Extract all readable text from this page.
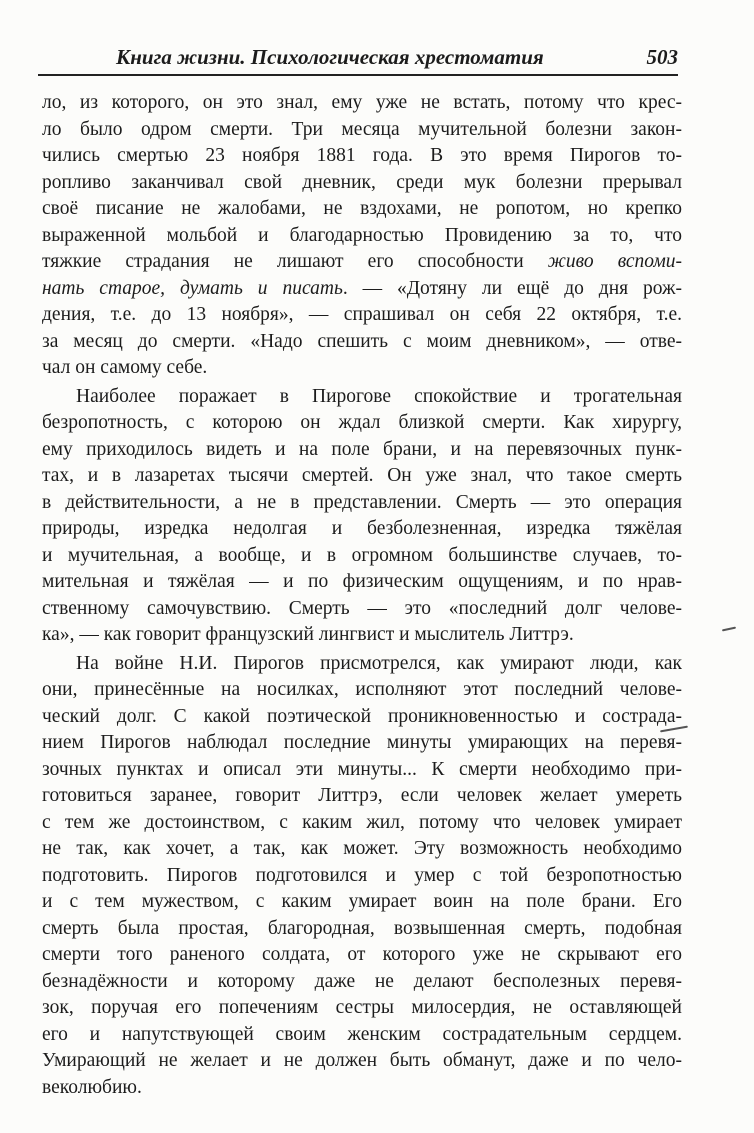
Книга жизни. Психологическая хрестоматия	503
ло, из которого, он это знал, ему уже не встать, потому что крес-
ло было одром смерти. Три месяца мучительной болезни закон-
чились смертью 23 ноября 1881 года. В это время Пирогов то-
ропливо заканчивал свой дневник, среди мук болезни прерывал
своё писание не жалобами, не вздохами, не ропотом, но крепко
выраженной мольбой и благодарностью Провидению за то, что
тяжкие страдания не лишают его способности живо вспоми-
нать старое, думать и писать. — «Дотяну ли ещё до дня рож-
дения, т.е. до 13 ноября», — спрашивал он себя 22 октября, т.е.
за месяц до смерти. «Надо спешить с моим дневником», — отве-
чал он самому себе.
Наиболее поражает в Пирогове спокойствие и трогательная
безропотность, с которою он ждал близкой смерти. Как хирургу,
ему приходилось видеть и на поле брани, и на перевязочных пунк-
тах, и в лазаретах тысячи смертей. Он уже знал, что такое смерть
в действительности, а не в представлении. Смерть — это операция
природы, изредка недолгая и безболезненная, изредка тяжёлая
и мучительная, а вообще, и в огромном большинстве случаев, то-
мительная и тяжёлая — и по физическим ощущениям, и по нрав-
ственному самочувствию. Смерть — это «последний долг челове-
ка», — как говорит французский лингвист и мыслитель Литтрэ.
На войне Н.И. Пирогов присмотрелся, как умирают люди, как
они, принесённые на носилках, исполняют этот последний челове-
ческий долг. С какой поэтической проникновенностью и сострада-
нием Пирогов наблюдал последние минуты умирающих на перевя-
зочных пунктах и описал эти минуты... К смерти необходимо при-
готовиться заранее, говорит Литтрэ, если человек желает умереть
с тем же достоинством, с каким жил, потому что человек умирает
не так, как хочет, а так, как может. Эту возможность необходимо
подготовить. Пирогов подготовился и умер с той безропотностью
и с тем мужеством, с каким умирает воин на поле брани. Его
смерть была простая, благородная, возвышенная смерть, подобная
смерти того раненого солдата, от которого уже не скрывают его
безнадёжности и которому даже не делают бесполезных перевя-
зок, поручая его попечениям сестры милосердия, не оставляющей
его и напутствующей своим женским сострадательным сердцем.
Умирающий не желает и не должен быть обманут, даже и по чело-
веколюбию.
